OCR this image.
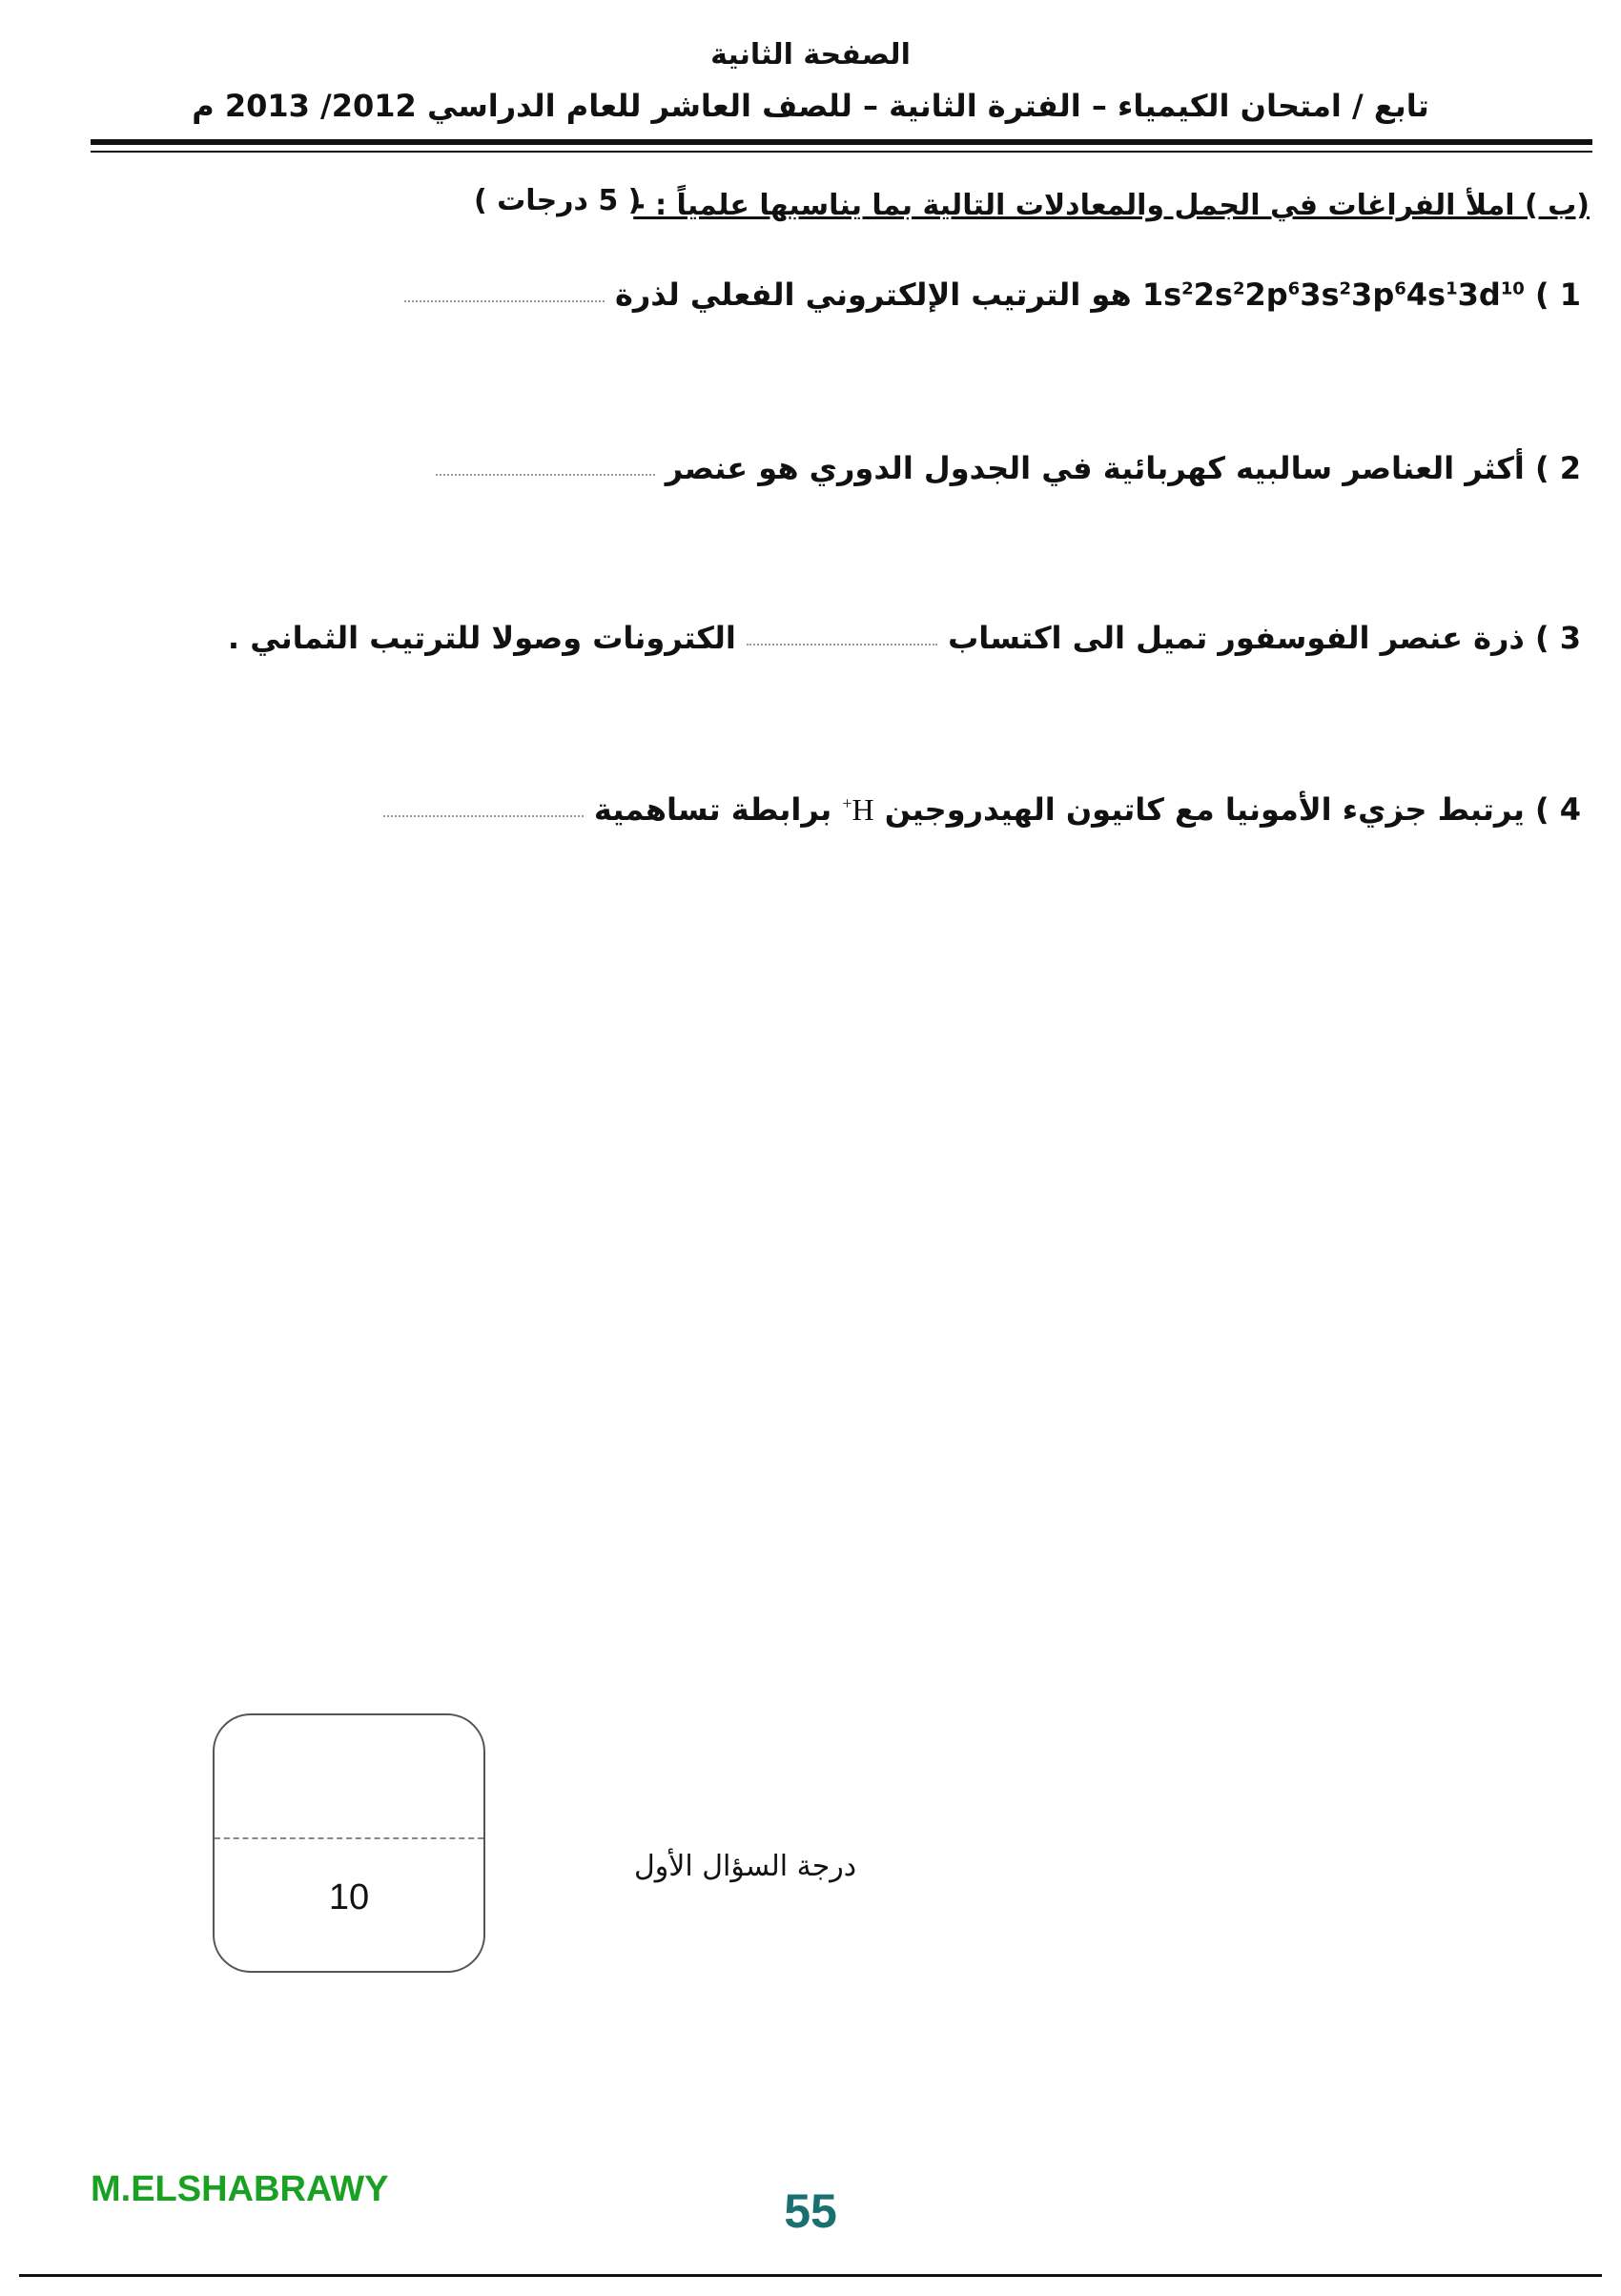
الصفحة الثانية
تابع / امتحان الكيمياء – الفترة الثانية – للصف العاشر للعام الدراسي 2012/ 2013 م
(ب ) املأ الفراغات في الجمل والمعادلات التالية بما يناسبها علمياً : -
( 5 درجات )
1 ) $1s^22s^22p^63s^23p^64s^13d^{10}$ هو الترتيب الإلكتروني الفعلي لذرة
2 ) أكثر العناصر سالبيه كهربائية في الجدول الدوري هو عنصر
3 ) ذرة عنصر الفوسفور تميل الى اكتساب  الكترونات وصولا للترتيب الثماني .
4 ) يرتبط جزيء الأمونيا مع كاتيون الهيدروجين H+ برابطة تساهمية
درجة السؤال الأول
10
M.ELSHABRAWY	55
